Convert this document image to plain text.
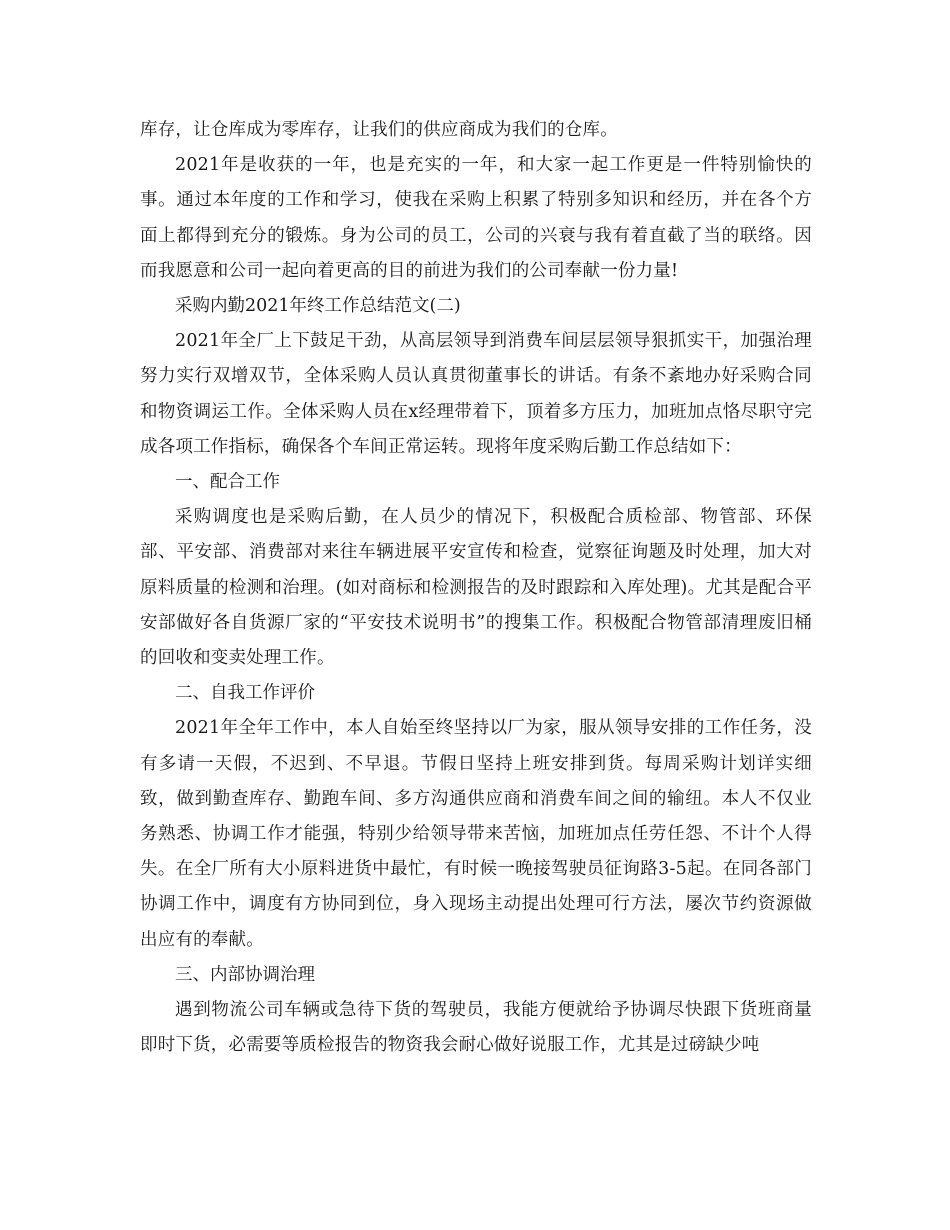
库存，让仓库成为零库存，让我们的供应商成为我们的仓库。

2021年是收获的一年，也是充实的一年，和大家一起工作更是一件特别愉快的事。通过本年度的工作和学习，使我在采购上积累了特别多知识和经历，并在各个方面上都得到充分的锻炼。身为公司的员工，公司的兴衰与我有着直截了当的联络。因而我愿意和公司一起向着更高的目的前进为我们的公司奉献一份力量!

采购内勤2021年终工作总结范文(二)

2021年全厂上下鼓足干劲，从高层领导到消费车间层层领导狠抓实干，加强治理努力实行双增双节，全体采购人员认真贯彻董事长的讲话。有条不紊地办好采购合同和物资调运工作。全体采购人员在x经理带着下，顶着多方压力，加班加点恪尽职守完成各项工作指标，确保各个车间正常运转。现将年度采购后勤工作总结如下：

一、配合工作

采购调度也是采购后勤，在人员少的情况下，积极配合质检部、物管部、环保部、平安部、消费部对来往车辆进展平安宣传和检查，觉察征询题及时处理，加大对原料质量的检测和治理。(如对商标和检测报告的及时跟踪和入库处理)。尤其是配合平安部做好各自货源厂家的“平安技术说明书”的搜集工作。积极配合物管部清理废旧桶的回收和变卖处理工作。

二、自我工作评价

2021年全年工作中，本人自始至终坚持以厂为家，服从领导安排的工作任务，没有多请一天假，不迟到、不早退。节假日坚持上班安排到货。每周采购计划详实细致，做到勤查库存、勤跑车间、多方沟通供应商和消费车间之间的输纽。本人不仅业务熟悉、协调工作才能强，特别少给领导带来苦恼，加班加点任劳任怨、不计个人得失。在全厂所有大小原料进货中最忙，有时候一晚接驾驶员征询路3-5起。在同各部门协调工作中，调度有方协同到位，身入现场主动提出处理可行方法，屡次节约资源做出应有的奉献。

三、内部协调治理

遇到物流公司车辆或急待下货的驾驶员，我能方便就给予协调尽快跟下货班商量即时下货，必需要等质检报告的物资我会耐心做好说服工作，尤其是过磅缺少吨
